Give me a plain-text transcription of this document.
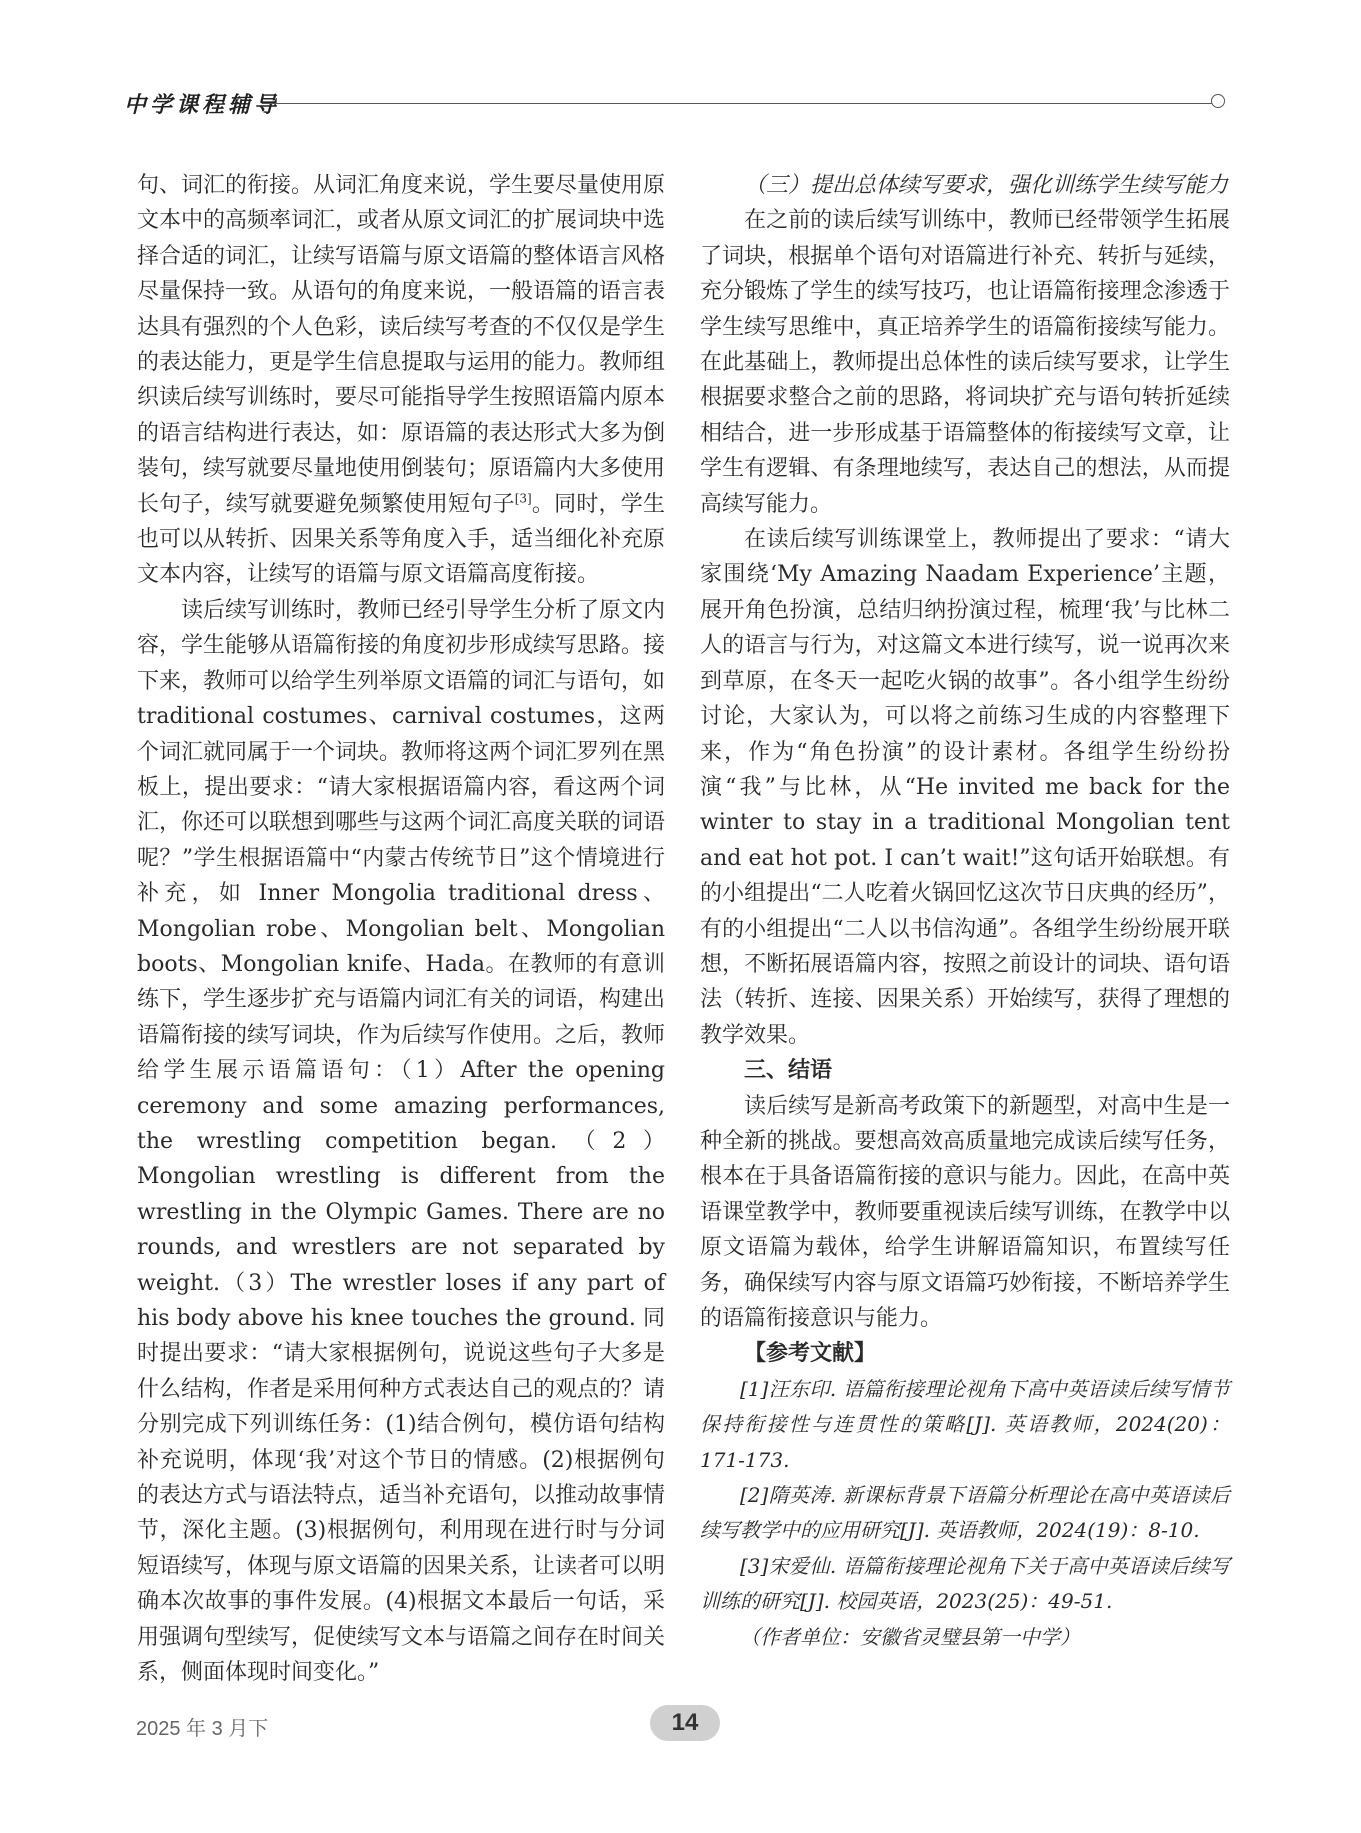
中学课程辅导

句、词汇的衔接。从词汇角度来说，学生要尽量使用原文本中的高频率词汇，或者从原文词汇的扩展词块中选择合适的词汇，让续写语篇与原文语篇的整体语言风格尽量保持一致。从语句的角度来说，一般语篇的语言表达具有强烈的个人色彩，读后续写考查的不仅仅是学生的表达能力，更是学生信息提取与运用的能力。教师组织读后续写训练时，要尽可能指导学生按照语篇内原本的语言结构进行表达，如：原语篇的表达形式大多为倒装句，续写就要尽量地使用倒装句；原语篇内大多使用长句子，续写就要避免频繁使用短句子[3]。同时，学生也可以从转折、因果关系等角度入手，适当细化补充原文本内容，让续写的语篇与原文语篇高度衔接。

读后续写训练时，教师已经引导学生分析了原文内容，学生能够从语篇衔接的角度初步形成续写思路。接下来，教师可以给学生列举原文语篇的词汇与语句，如 traditional costumes、carnival costumes，这两个词汇就同属于一个词块。教师将这两个词汇罗列在黑板上，提出要求：“请大家根据语篇内容，看这两个词汇，你还可以联想到哪些与这两个词汇高度关联的词语呢？”学生根据语篇中“内蒙古传统节日”这个情境进行补充，如 Inner Mongolia traditional dress、Mongolian robe、Mongolian belt、Mongolian boots、Mongolian knife、Hada。在教师的有意训练下，学生逐步扩充与语篇内词汇有关的词语，构建出语篇衔接的续写词块，作为后续写作使用。之后，教师给学生展示语篇语句：（1）After the opening ceremony and some amazing performances, the wrestling competition began.（2）Mongolian wrestling is different from the wrestling in the Olympic Games. There are no rounds, and wrestlers are not separated by weight.（3）The wrestler loses if any part of his body above his knee touches the ground. 同时提出要求：“请大家根据例句，说说这些句子大多是什么结构，作者是采用何种方式表达自己的观点的？请分别完成下列训练任务：(1)结合例句，模仿语句结构补充说明，体现‘我’对这个节日的情感。(2)根据例句的表达方式与语法特点，适当补充语句，以推动故事情节，深化主题。(3)根据例句，利用现在进行时与分词短语续写，体现与原文语篇的因果关系，让读者可以明确本次故事的事件发展。(4)根据文本最后一句话，采用强调句型续写，促使续写文本与语篇之间存在时间关系，侧面体现时间变化。”

（三）提出总体续写要求，强化训练学生续写能力

在之前的读后续写训练中，教师已经带领学生拓展了词块，根据单个语句对语篇进行补充、转折与延续，充分锻炼了学生的续写技巧，也让语篇衔接理念渗透于学生续写思维中，真正培养学生的语篇衔接续写能力。在此基础上，教师提出总体性的读后续写要求，让学生根据要求整合之前的思路，将词块扩充与语句转折延续相结合，进一步形成基于语篇整体的衔接续写文章，让学生有逻辑、有条理地续写，表达自己的想法，从而提高续写能力。

在读后续写训练课堂上，教师提出了要求：“请大家围绕‘My Amazing Naadam Experience’主题，展开角色扮演，总结归纳扮演过程，梳理‘我’与比林二人的语言与行为，对这篇文本进行续写，说一说再次来到草原，在冬天一起吃火锅的故事”。各小组学生纷纷讨论，大家认为，可以将之前练习生成的内容整理下来，作为“角色扮演”的设计素材。各组学生纷纷扮演“我”与比林，从“He invited me back for the winter to stay in a traditional Mongolian tent and eat hot pot. I can’t wait!”这句话开始联想。有的小组提出“二人吃着火锅回忆这次节日庆典的经历”，有的小组提出“二人以书信沟通”。各组学生纷纷展开联想，不断拓展语篇内容，按照之前设计的词块、语句语法（转折、连接、因果关系）开始续写，获得了理想的教学效果。

三、结语

读后续写是新高考政策下的新题型，对高中生是一种全新的挑战。要想高效高质量地完成读后续写任务，根本在于具备语篇衔接的意识与能力。因此，在高中英语课堂教学中，教师要重视读后续写训练，在教学中以原文语篇为载体，给学生讲解语篇知识，布置续写任务，确保续写内容与原文语篇巧妙衔接，不断培养学生的语篇衔接意识与能力。

【参考文献】

[1]汪东印. 语篇衔接理论视角下高中英语读后续写情节保持衔接性与连贯性的策略[J]. 英语教师，2024(20)：171-173.

[2]隋英涛. 新课标背景下语篇分析理论在高中英语读后续写教学中的应用研究[J]. 英语教师，2024(19)：8-10.

[3]宋爱仙. 语篇衔接理论视角下关于高中英语读后续写训练的研究[J]. 校园英语，2023(25)：49-51.

（作者单位：安徽省灵璧县第一中学）

2025 年 3 月下	14
